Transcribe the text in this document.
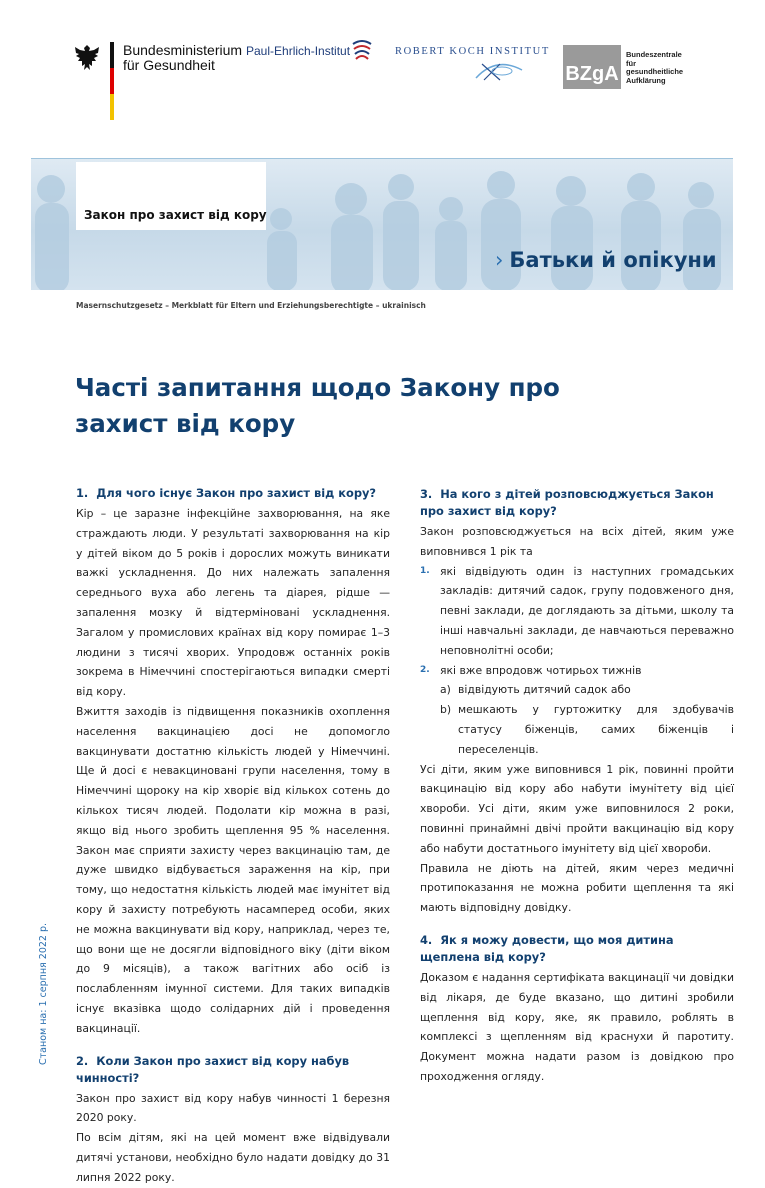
Bundesministerium
für Gesundheit
Paul-Ehrlich-Institut	ROBERT KOCH INSTITUT
BZgA
Bundeszentrale
für
gesundheitliche
Aufklärung
Закон про захист від кору
› Батьки й опікуни
Masernschutzgesetz – Merkblatt für Eltern und Erziehungsberechtigte – ukrainisch
Часті запитання щодо Закону про захист від кору
1. Для чого існує Закон про захист від кору?

Кір – це заразне інфекційне захворювання, на яке страждають люди. У результаті захворювання на кір у дітей віком до 5 років і дорослих можуть виникати важкі ускладнення. До них належать запалення середнього вуха або легень та діарея, рідше — запалення мозку й відтерміновані ускладнення. Загалом у промислових країнах від кору помирає 1–3 людини з тисячі хворих. Упродовж останніх років зокрема в Німеччині спостерігаються випадки смерті від кору.

Вжиття заходів із підвищення показників охоплення населення вакцинацією досі не допомогло вакцинувати достатню кількість людей у Німеччині. Ще й досі є невакциновані групи населення, тому в Німеччині щороку на кір хворіє від кількох сотень до кількох тисяч людей. Подолати кір можна в разі, якщо від нього зробить щеплення 95 % населення. Закон має сприяти захисту через вакцинацію там, де дуже швидко відбувається зараження на кір, при тому, що недостатня кількість людей має імунітет від кору й захисту потребують насамперед особи, яких не можна вакцинувати від кору, наприклад, через те, що вони ще не досягли відповідного віку (діти віком до 9 місяців), а також вагітних або осіб із послабленням імунної системи. Для таких випадків існує вказівка щодо солідарних дій і проведення вакцинації.

2. Коли Закон про захист від кору набув чинності?

Закон про захист від кору набув чинності 1 березня 2020 року.

По всім дітям, які на цей момент вже відвідували дитячі установи, необхідно було надати довідку до 31 липня 2022 року.

3. На кого з дітей розповсюджується Закон про захист від кору?

Закон розповсюджується на всіх дітей, яким уже виповнився 1 рік та

1. які відвідують один із наступних громадських закладів: дитячий садок, групу подовженого дня, певні заклади, де доглядають за дітьми, школу та інші навчальні заклади, де навчаються переважно неповнолітні особи;
2. які вже впродовж чотирьох тижнів
a) відвідують дитячий садок або
b) мешкають у гуртожитку для здобувачів статусу біженців, самих біженців і переселенців.

Усі діти, яким уже виповнився 1 рік, повинні пройти вакцинацію від кору або набути імунітету від цієї хвороби. Усі діти, яким уже виповнилося 2 роки, повинні принаймні двічі пройти вакцинацію від кору або набути достатнього імунітету від цієї хвороби.

Правила не діють на дітей, яким через медичні протипоказання не можна робити щеплення та які мають відповідну довідку.

4. Як я можу довести, що моя дитина щеплена від кору?

Доказом є надання сертифіката вакцинації чи довідки від лікаря, де буде вказано, що дитині зробили щеплення від кору, яке, як правило, роблять в комплексі з щепленням від краснухи й паротиту. Документ можна надати разом із довідкою про проходження огляду.

Станом на: 1 серпня 2022 р.
